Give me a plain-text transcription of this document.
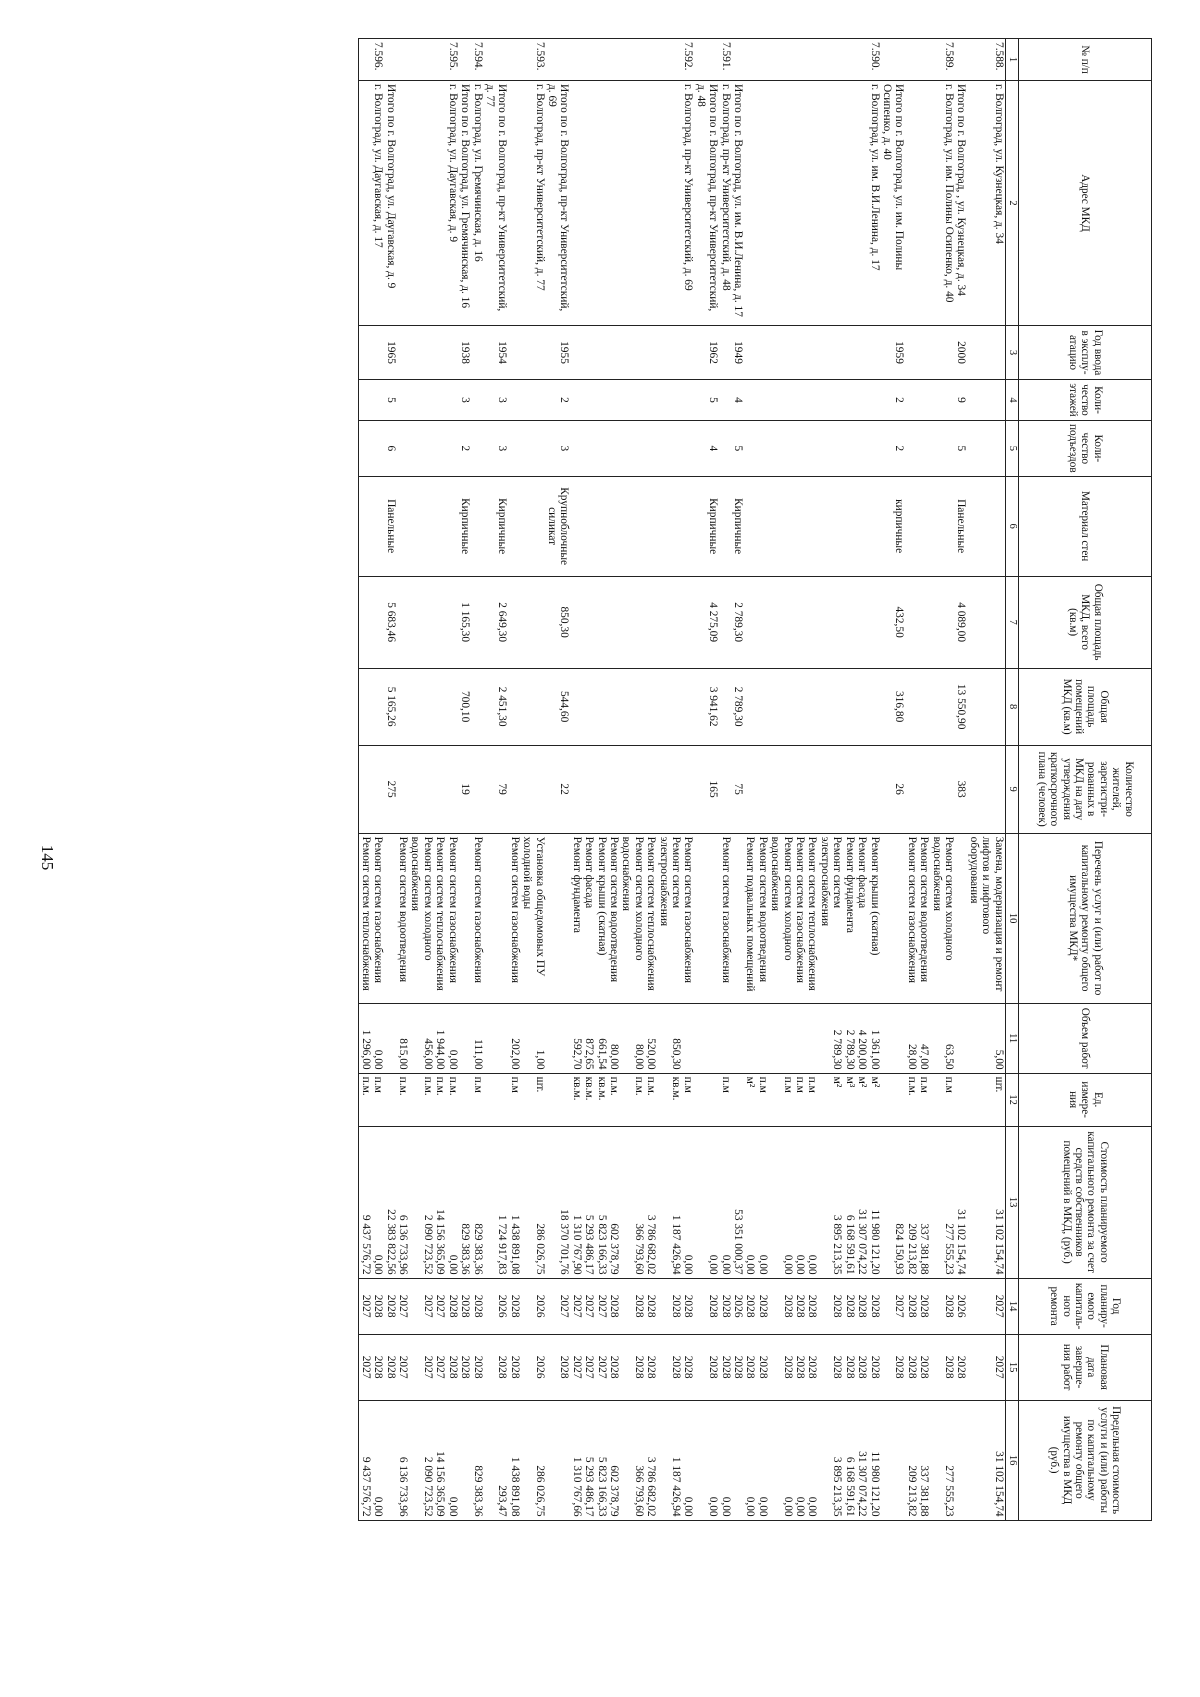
№ п/п	Адрес МКД	Год ввода в эксплу-атацию	Коли-чество этажей	Коли-чество подъездов	Материал стен	Общая площадь МКД, всего (кв.м)	Общая площадь помещений МКД (кв.м)	Количество жителей, зарегистри-рованных в МКД на дату утверждения краткосрочного плана (человек)	Перечень услуг и (или) работ по капитальному ремонту общего имущества МКД*	Объем работ	Ед. измере-ния	Стоимость планируемого капитального ремонта за счет средств собственников помещений в МКД, (руб.)	Год планиру-емого капиталь-ного ремонта	Плановая дата заверше-ния работ	Предельная стоимость услуги и (или) работы по капитальному ремонту общего имущества в МКД (руб.)
1	2	3	4	5	6	7	8	9	10	11	12	13	14	15	16
7.588.	г. Волгоград, ул. Кузнецкая, д. 34								Замена, модернизация и ремонт лифтов и лифтового оборудования	5,00	шт.	31 102 154,74	2027	2027	31 102 154,74
	Итого по г. Волгоград, , ул. Кузнецкая, д. 34	2000	9	5	Панельные	4 089,00	13 550,90	383				31 102 154,74	2026	2028	
7.589.	г. Волгоград, ул. им. Полины Осипенко, д. 40								Ремонт систем холодного водоснабжения	63,50	п.м	277 555,23	2028	2028	277 555,23
									Ремонт систем водоотведения	47,00	п.м	337 381,88	2028	2028	337 381,88
									Ремонт систем газоснабжения	28,00	п.м.	209 213,82	2028	2028	209 213,82
	Итого по г. Волгоград, ул. им. Полины Осипенко, д. 40	1959	2	2	кирпичные	432,50	316,80	26				824 150,93	2027	2028	
7.590.	г. Волгоград, ул. им. В.И.Ленина, д. 17								Ремонт крыши (скатная)	1 361,00	м²	11 980 121,20	2028	2028	11 980 121,20
									Ремонт фасада	4 200,00	м²	31 307 074,22	2028	2028	31 307 074,22
									Ремонт фундамента	2 789,30	м³	6 168 591,61	2028	2028	6 168 591,61
									Ремонт систем электроснабжения	2 789,30	м²	3 895 213,35	2028	2028	3 895 213,35
									Ремонт систем теплоснабжения		п.м	0,00	2028	2028	0,00
									Ремонт систем газоснабжения		п.м	0,00	2028	2028	0,00
									Ремонт систем холодного водоснабжения		п.м	0,00	2028	2028	0,00
									Ремонт систем водоотведения		п.м	0,00	2028	2028	0,00
									Ремонт подвальных помещений		м²	0,00	2028	2028	0,00
	Итого по г. Волгоград, ул. им. В.И.Ленина, д. 17	1949	4	5	Кирпичные	2 789,30	2 789,30	75				53 351 000,37	2026	2028	
7.591.	г. Волгоград, пр-кт Университетский, д. 48								Ремонт систем газоснабжения		п.м	0,00	2028	2028	0,00
	Итого по г. Волгоград, пр-кт Университетский, д. 48	1962	5	4	Кирпичные	4 275,09	3 941,62	165				0,00	2028	2028	0,00
7.592.	г. Волгоград, пр-кт Университетский, д. 69								Ремонт систем газоснабжения		п.м	0,00	2028	2028	0,00
									Ремонт систем электроснабжения	850,30	кв.м.	1 187 426,94	2028	2028	1 187 426,94
									Ремонт систем теплоснабжения	520,00	п.м.	3 786 682,02	2028	2028	3 786 682,02
									Ремонт систем холодного водоснабжения	80,00	п.м.	366 793,60	2028	2028	366 793,60
									Ремонт систем водоотведения	80,00	п.м.	602 378,79	2028	2028	602 378,79
									Ремонт крыши (скатная)	661,54	кв.м.	5 823 166,33	2027	2027	5 823 166,33
									Ремонт фасада	872,65	кв.м.	5 293 486,17	2027	2027	5 293 486,17
									Ремонт фундамента	592,70	кв.м.	1 310 767,90	2027	2027	1 310 767,66
	Итого по г. Волгоград, пр-кт Университетский, д. 69	1955	2	3	Крупноблочные силикат	850,30	544,60	22				18 370 701,76	2027	2028	
7.593.	г. Волгоград, пр-кт Университетский, д. 77								Установка общедомовых ПУ холодной воды	1,00	шт.	286 026,75	2026	2026	286 026,75
									Ремонт систем газоснабжения	202,00	п.м	1 438 891,08	2028	2028	1 438 891,08
	Итого по г. Волгоград, пр-кт Университетский, д. 77	1954	3	3	Кирпичные	2 649,30	2 451,30	79				1 724 917,83	2026	2028	293,47
7.594.	г. Волгоград, ул. Гремячинская, д. 16								Ремонт систем газоснабжения	111,00	п.м	829 383,36	2028	2028	829 383,36
	Итого по г. Волгоград, ул. Гремячинская, д. 16	1938	3	2	Кирпичные	1 165,30	700,10	19				829 383,36	2028	2028	
7.595.	г. Волгоград, ул. Даугавская, д. 9								Ремонт систем газоснабжения	0,00	п.м.	0,00	2028	2028	0,00
									Ремонт систем теплоснабжения	1 944,00	п.м.	14 156 365,09	2027	2027	14 156 365,09
									Ремонт систем холодного водоснабжения	456,00	п.м.	2 090 723,52	2027	2027	2 090 723,52
									Ремонт систем водоотведения	815,00	п.м.	6 136 733,96	2027	2027	6 136 733,96
	Итого по г. Волгоград, ул. Даугавская, д. 9	1965	5	6	Панельные	5 683,46	5 165,26	275				22 383 822,56	2028	2028	
7.596.	г. Волгоград, ул. Даугавская, д. 17								Ремонт систем газоснабжения	0,00	п.м	0,00	2028	2028	0,00
									Ремонт систем теплоснабжения	1 296,00	п.м.	9 437 576,72	2027	2027	9 437 576,72
145
